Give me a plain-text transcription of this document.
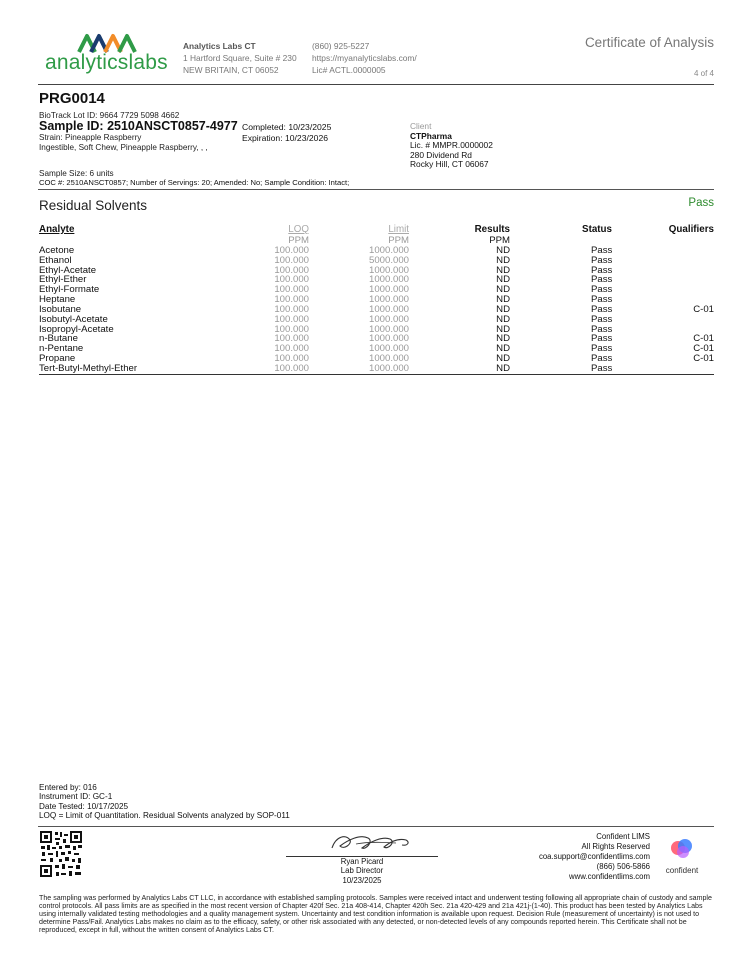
analyticslabs
Analytics Labs CT
1 Hartford Square, Suite # 230
NEW BRITAIN, CT 06052
(860) 925-5227
https://myanalyticslabs.com/
Lic# ACTL.0000005
Certificate of Analysis
4 of 4
PRG0014
BioTrack Lot ID: 9664 7729 5098 4662
Sample ID: 2510ANSCT0857-4977
Strain: Pineapple Raspberry
Ingestible, Soft Chew, Pineapple Raspberry, , ,
Completed: 10/23/2025
Expiration: 10/23/2026
Client
CTPharma
Lic. # MMPR.0000002
280 Dividend Rd
Rocky Hill, CT 06067
Sample Size: 6 units
COC #: 2510ANSCT0857; Number of Servings: 20; Amended: No; Sample Condition: Intact;
Residual Solvents	Pass
Analyte	LOQ	Limit	Results	Status	Qualifiers
PPM	PPM	PPM
Acetone	100.000	1000.000	ND	Pass
Ethanol	100.000	5000.000	ND	Pass
Ethyl-Acetate	100.000	1000.000	ND	Pass
Ethyl-Ether	100.000	1000.000	ND	Pass
Ethyl-Formate	100.000	1000.000	ND	Pass
Heptane	100.000	1000.000	ND	Pass
Isobutane	100.000	1000.000	ND	Pass	C-01
Isobutyl-Acetate	100.000	1000.000	ND	Pass
Isopropyl-Acetate	100.000	1000.000	ND	Pass
n-Butane	100.000	1000.000	ND	Pass	C-01
n-Pentane	100.000	1000.000	ND	Pass	C-01
Propane	100.000	1000.000	ND	Pass	C-01
Tert-Butyl-Methyl-Ether	100.000	1000.000	ND	Pass
Entered by: 016
Instrument ID: GC-1
Date Tested: 10/17/2025
LOQ = Limit of Quantitation. Residual Solvents analyzed by SOP-011
Ryan Picard
Lab Director
10/23/2025
Confident LIMS
All Rights Reserved
coa.support@confidentlims.com
(866) 506-5866
www.confidentlims.com
confident
The sampling was performed by Analytics Labs CT LLC, in accordance with established sampling protocols. Samples were received intact and underwent testing following all appropriate chain of custody and sample control protocols. All pass limits are as specified in the most recent version of Chapter 420f Sec. 21a 408-414, Chapter 420h Sec. 21a 420-429 and 21a 421j-(1-40). This product has been tested by Analytics Labs using internally validated testing methodologies and a quality management system. Uncertainty and test condition information is available upon request. Decision Rule (measurement of uncertainty) is not used to determine Pass/Fail. Analytics Labs makes no claim as to the efficacy, safety, or other risk associated with any detected, or non-detected levels of any compounds reported herein. This Certificate shall not be reproduced, except in full, without the written consent of Analytics Labs CT.
